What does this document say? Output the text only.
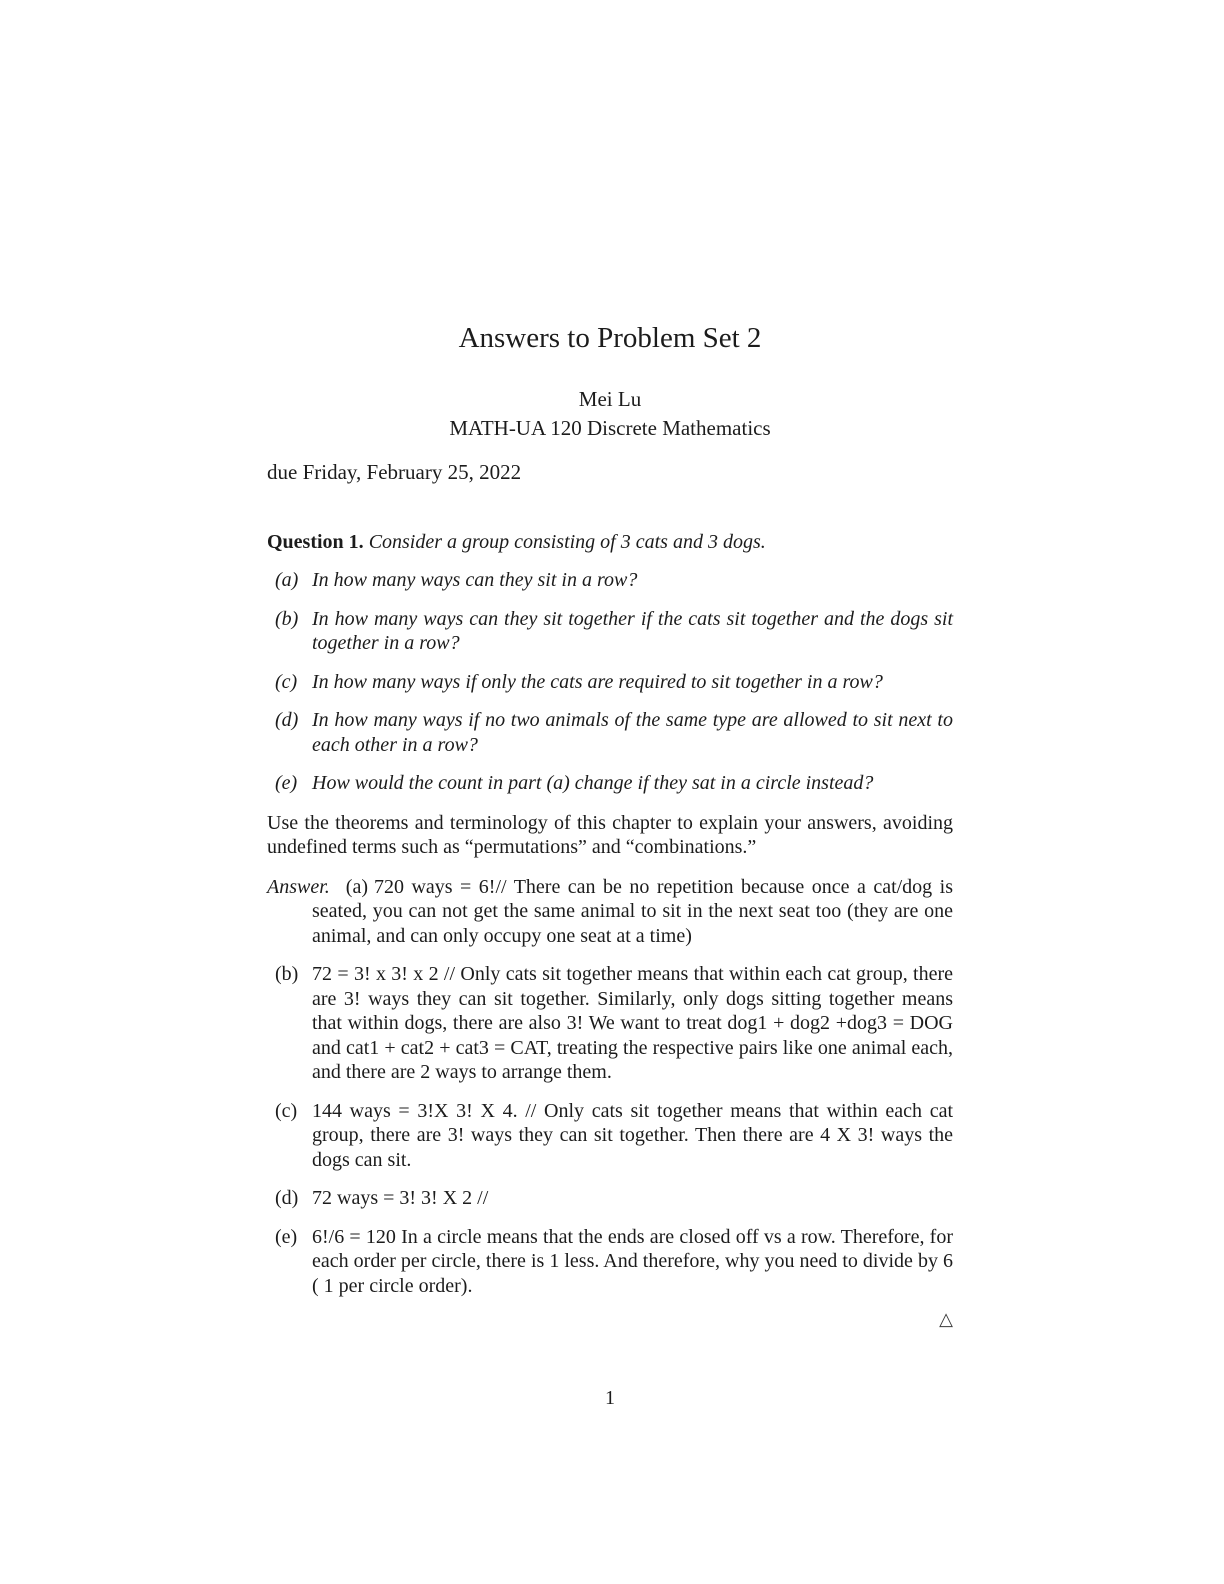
Answers to Problem Set 2
Mei Lu
MATH-UA 120 Discrete Mathematics
due Friday, February 25, 2022

Question 1. Consider a group consisting of 3 cats and 3 dogs.

(a) In how many ways can they sit in a row?
(b) In how many ways can they sit together if the cats sit together and the dogs sit together in a row?
(c) In how many ways if only the cats are required to sit together in a row?
(d) In how many ways if no two animals of the same type are allowed to sit next to each other in a row?
(e) How would the count in part (a) change if they sat in a circle instead?

Use the theorems and terminology of this chapter to explain your answers, avoiding undefined terms such as “permutations” and “combinations.”

Answer. (a) 720 ways = 6!// There can be no repetition because once a cat/dog is seated, you can not get the same animal to sit in the next seat too (they are one animal, and can only occupy one seat at a time)

(b) 72 = 3! x 3! x 2 // Only cats sit together means that within each cat group, there are 3! ways they can sit together. Similarly, only dogs sitting together means that within dogs, there are also 3! We want to treat dog1 + dog2 +dog3 = DOG and cat1 + cat2 + cat3 = CAT, treating the respective pairs like one animal each, and there are 2 ways to arrange them.
(c) 144 ways = 3!X 3! X 4. // Only cats sit together means that within each cat group, there are 3! ways they can sit together. Then there are 4 X 3! ways the dogs can sit.
(d) 72 ways = 3! 3! X 2 //
(e) 6!/6 = 120 In a circle means that the ends are closed off vs a row. Therefore, for each order per circle, there is 1 less. And therefore, why you need to divide by 6 ( 1 per circle order).
△
1
